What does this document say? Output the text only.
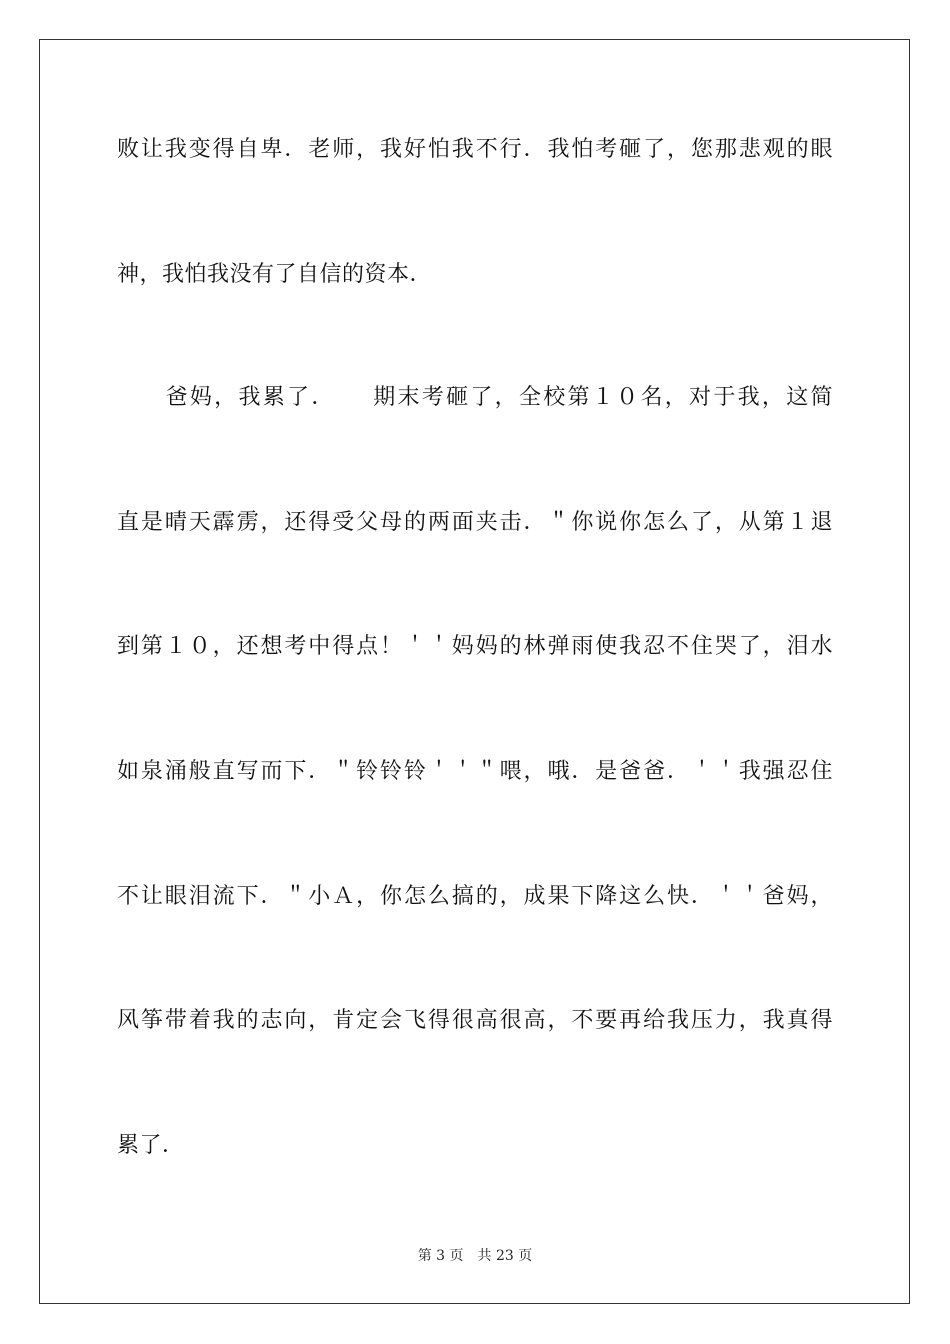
败让我变得自卑．老师，我好怕我不行．我怕考砸了，您那悲观的眼
神，我怕我没有了自信的资本．
　　爸妈，我累了．　　期末考砸了，全校第１０名，对于我，这简
直是晴天霹雳，还得受父母的两面夹击．＂你说你怎么了，从第１退
到第１０，还想考中得点！＇＇妈妈的林弹雨使我忍不住哭了，泪水
如泉涌般直写而下．＂铃铃铃＇＇＂喂，哦．是爸爸．＇＇我强忍住
不让眼泪流下．＂小Ａ，你怎么搞的，成果下降这么快．＇＇爸妈，
风筝带着我的志向，肯定会飞得很高很高，不要再给我压力，我真得
累了．
第 3 页 共 23 页
